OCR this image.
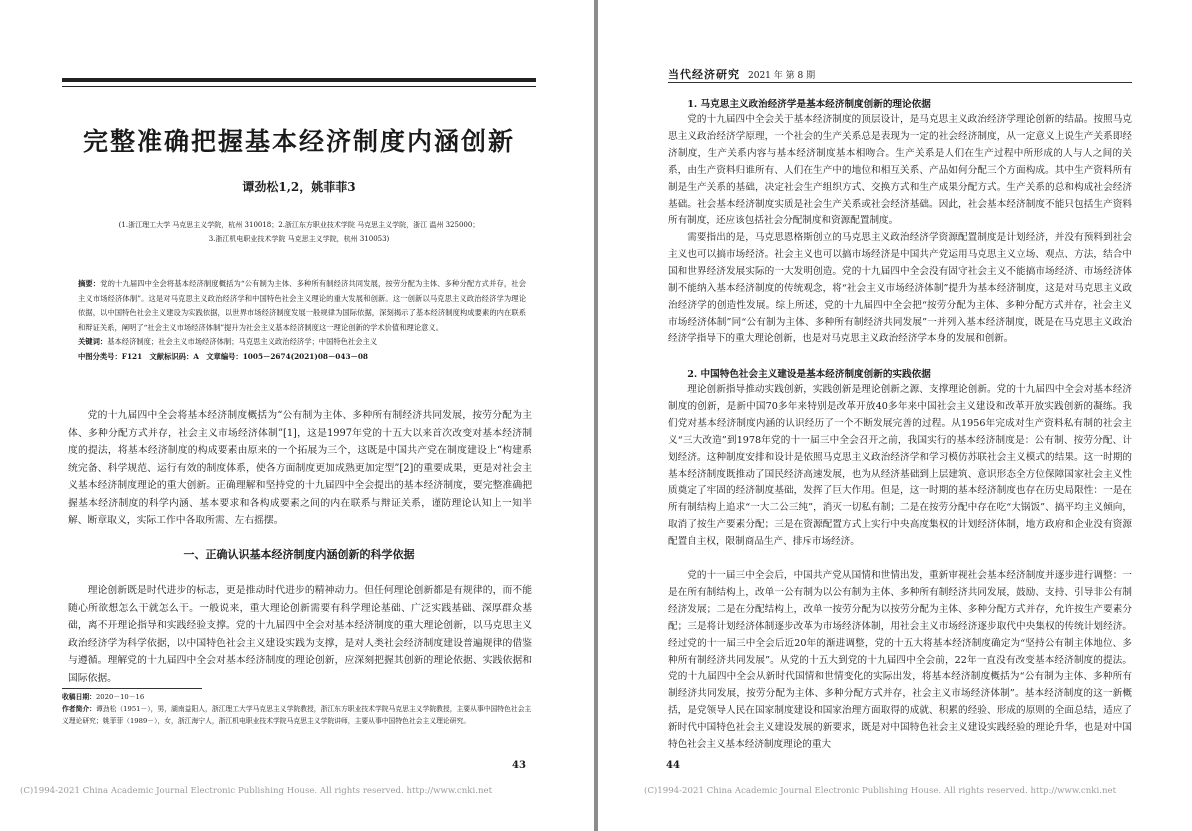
完整准确把握基本经济制度内涵创新
谭劲松1,2，姚菲菲3
(1.浙江理工大学 马克思主义学院，杭州 310018；2.浙江东方职业技术学院 马克思主义学院，浙江 温州 325000；
3.浙江机电职业技术学院 马克思主义学院，杭州 310053)
摘要：党的十九届四中全会将基本经济制度概括为“公有制为主体、多种所有制经济共同发展，按劳分配为主体、多种分配方式并存，社会主义市场经济体制”。这是对马克思主义政治经济学和中国特色社会主义理论的重大发展和创新。这一创新以马克思主义政治经济学为理论依据，以中国特色社会主义建设为实践依据，以世界市场经济制度发展一般规律为国际依据，深刻揭示了基本经济制度构成要素的内在联系和辩证关系，阐明了“社会主义市场经济体制”提升为社会主义基本经济制度这一理论创新的学术价值和理论意义。
关键词：基本经济制度；社会主义市场经济体制；马克思主义政治经济学；中国特色社会主义
中图分类号：F121　文献标识码：A　文章编号：1005－2674(2021)08－043－08
党的十九届四中全会将基本经济制度概括为“公有制为主体、多种所有制经济共同发展，按劳分配为主体、多种分配方式并存，社会主义市场经济体制”[1]，这是1997年党的十五大以来首次改变对基本经济制度的提法，将基本经济制度的构成要素由原来的一个拓展为三个，这既是中国共产党在制度建设上“构建系统完备、科学规范、运行有效的制度体系，使各方面制度更加成熟更加定型”[2]的重要成果，更是对社会主义基本经济制度理论的重大创新。正确理解和坚持党的十九届四中全会提出的基本经济制度，要完整准确把握基本经济制度的科学内涵、基本要求和各构成要素之间的内在联系与辩证关系，谨防理论认知上一知半解、断章取义，实际工作中各取所需、左右摇摆。
一、正确认识基本经济制度内涵创新的科学依据
理论创新既是时代进步的标志，更是推动时代进步的精神动力。但任何理论创新都是有规律的，而不能随心所欲想怎么干就怎么干。一般说来，重大理论创新需要有科学理论基础、广泛实践基础、深厚群众基础，离不开理论指导和实践经验支撑。党的十九届四中全会对基本经济制度的重大理论创新，以马克思主义政治经济学为科学依据，以中国特色社会主义建设实践为支撑，是对人类社会经济制度建设普遍规律的借鉴与遵循。理解党的十九届四中全会对基本经济制度的理论创新，应深刻把握其创新的理论依据、实践依据和国际依据。
收稿日期：2020－10－16
作者简介：谭劲松（1951－），男，湖南益阳人，浙江理工大学马克思主义学院教授，浙江东方职业技术学院马克思主义学院教授，主要从事中国特色社会主义理论研究；姚菲菲（1989－），女，浙江海宁人，浙江机电职业技术学院马克思主义学院讲师，主要从事中国特色社会主义理论研究。
43
(C)1994-2021 China Academic Journal Electronic Publishing House. All rights reserved. http://www.cnki.net
当代经济研究 2021 年 第 8 期
1. 马克思主义政治经济学是基本经济制度创新的理论依据
党的十九届四中全会关于基本经济制度的顶层设计，是马克思主义政治经济学理论创新的结晶。按照马克思主义政治经济学原理，一个社会的生产关系总是表现为一定的社会经济制度，从一定意义上说生产关系即经济制度，生产关系内容与基本经济制度基本相吻合。生产关系是人们在生产过程中所形成的人与人之间的关系，由生产资料归谁所有、人们在生产中的地位和相互关系、产品如何分配三个方面构成。其中生产资料所有制是生产关系的基础，决定社会生产组织方式、交换方式和生产成果分配方式。生产关系的总和构成社会经济基础。社会基本经济制度实质是社会生产关系或社会经济基础。因此，社会基本经济制度不能只包括生产资料所有制度，还应该包括社会分配制度和资源配置制度。
需要指出的是，马克思恩格斯创立的马克思主义政治经济学资源配置制度是计划经济，并没有预料到社会主义也可以搞市场经济。社会主义也可以搞市场经济是中国共产党运用马克思主义立场、观点、方法，结合中国和世界经济发展实际的一大发明创造。党的十九届四中全会没有固守社会主义不能搞市场经济、市场经济体制不能纳入基本经济制度的传统观念，将“社会主义市场经济体制”提升为基本经济制度，这是对马克思主义政治经济学的创造性发展。综上所述，党的十九届四中全会把“按劳分配为主体、多种分配方式并存，社会主义市场经济体制”同“公有制为主体、多种所有制经济共同发展”一并列入基本经济制度，既是在马克思主义政治经济学指导下的重大理论创新，也是对马克思主义政治经济学本身的发展和创新。
2. 中国特色社会主义建设是基本经济制度创新的实践依据
理论创新指导推动实践创新，实践创新是理论创新之源、支撑理论创新。党的十九届四中全会对基本经济制度的创新，是新中国70多年来特别是改革开放40多年来中国社会主义建设和改革开放实践创新的凝练。我们党对基本经济制度内涵的认识经历了一个不断发展完善的过程。从1956年完成对生产资料私有制的社会主义“三大改造”到1978年党的十一届三中全会召开之前，我国实行的基本经济制度是：公有制、按劳分配、计划经济。这种制度安排和设计是依照马克思主义政治经济学和学习模仿苏联社会主义模式的结果。这一时期的基本经济制度既推动了国民经济高速发展，也为从经济基础到上层建筑、意识形态全方位保障国家社会主义性质奠定了牢固的经济制度基础，发挥了巨大作用。但是，这一时期的基本经济制度也存在历史局限性：一是在所有制结构上追求“一大二公三纯”，消灭一切私有制；二是在按劳分配中存在吃“大锅饭”、搞平均主义倾向，取消了按生产要素分配；三是在资源配置方式上实行中央高度集权的计划经济体制，地方政府和企业没有资源配置自主权，限制商品生产、排斥市场经济。
党的十一届三中全会后，中国共产党从国情和世情出发，重新审视社会基本经济制度并逐步进行调整：一是在所有制结构上，改单一公有制为以公有制为主体、多种所有制经济共同发展，鼓励、支持、引导非公有制经济发展；二是在分配结构上，改单一按劳分配为以按劳分配为主体、多种分配方式并存，允许按生产要素分配；三是将计划经济体制逐步改革为市场经济体制，用社会主义市场经济逐步取代中央集权的传统计划经济。经过党的十一届三中全会后近20年的渐进调整，党的十五大将基本经济制度确定为“坚持公有制主体地位、多种所有制经济共同发展”。从党的十五大到党的十九届四中全会前，22年一直没有改变基本经济制度的提法。党的十九届四中全会从新时代国情和世情变化的实际出发，将基本经济制度概括为“公有制为主体、多种所有制经济共同发展，按劳分配为主体、多种分配方式并存，社会主义市场经济体制”。基本经济制度的这一新概括，是党领导人民在国家制度建设和国家治理方面取得的成就、积累的经验、形成的原则的全面总结，适应了新时代中国特色社会主义建设发展的新要求，既是对中国特色社会主义建设实践经验的理论升华，也是对中国特色社会主义基本经济制度理论的重大
44
(C)1994-2021 China Academic Journal Electronic Publishing House. All rights reserved. http://www.cnki.net
